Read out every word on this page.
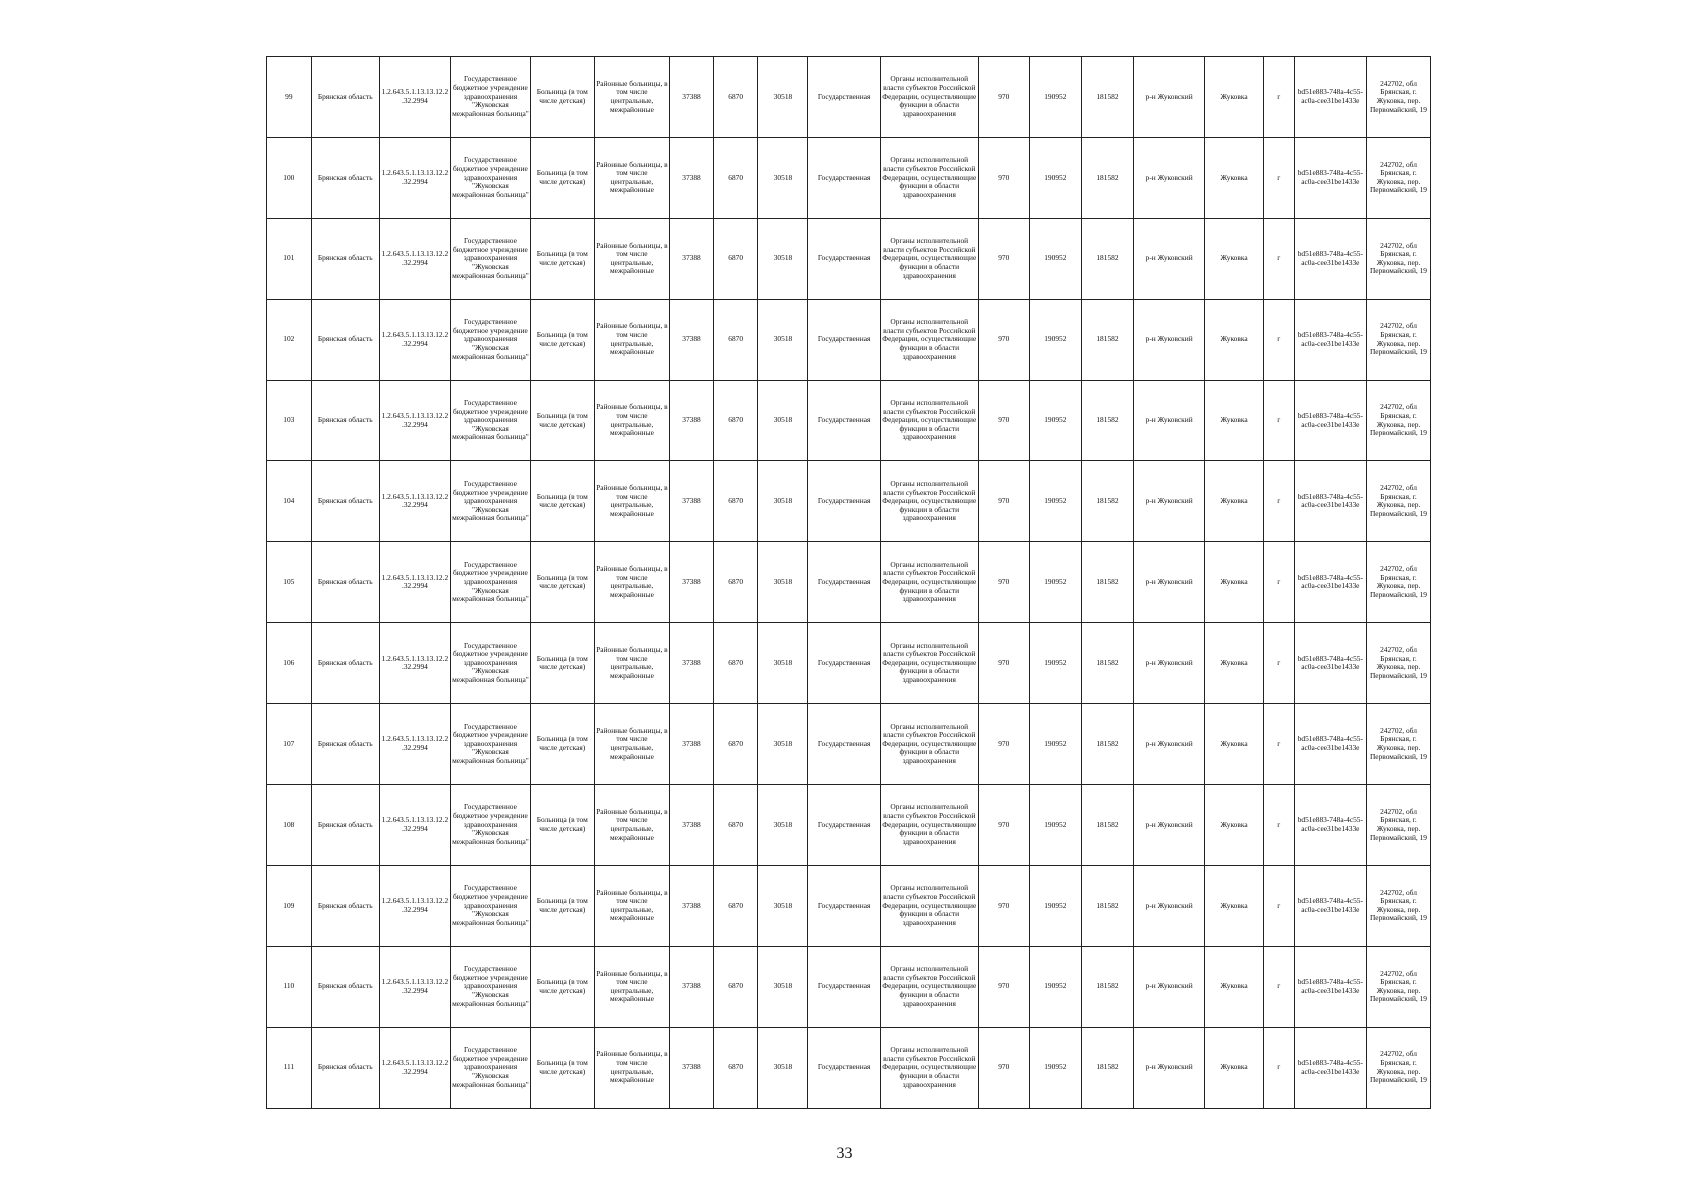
99	Брянская область	1.2.643.5.1.13.13.12.2.32.2994	Государственное бюджетное учреждение здравоохранения "Жуковская межрайонная больница"	Больница (в том числе детская)	Районные больницы, в том числе центральные, межрайонные	37388	6870	30518	Государственная	Органы исполнительной власти субъектов Российской Федерации, осуществляющие функции в области здравоохранения	970	190952	181582	р-н Жуковский	Жуковка	г	bd51e883-748a-4c55-ac0a-cee31be1433e	242702, обл Брянская, г. Жуковка, пер. Первомайский, 19
100	Брянская область	1.2.643.5.1.13.13.12.2.32.2994	Государственное бюджетное учреждение здравоохранения "Жуковская межрайонная больница"	Больница (в том числе детская)	Районные больницы, в том числе центральные, межрайонные	37388	6870	30518	Государственная	Органы исполнительной власти субъектов Российской Федерации, осуществляющие функции в области здравоохранения	970	190952	181582	р-н Жуковский	Жуковка	г	bd51e883-748a-4c55-ac0a-cee31be1433e	242702, обл Брянская, г. Жуковка, пер. Первомайский, 19
101	Брянская область	1.2.643.5.1.13.13.12.2.32.2994	Государственное бюджетное учреждение здравоохранения "Жуковская межрайонная больница"	Больница (в том числе детская)	Районные больницы, в том числе центральные, межрайонные	37388	6870	30518	Государственная	Органы исполнительной власти субъектов Российской Федерации, осуществляющие функции в области здравоохранения	970	190952	181582	р-н Жуковский	Жуковка	г	bd51e883-748a-4c55-ac0a-cee31be1433e	242702, обл Брянская, г. Жуковка, пер. Первомайский, 19
102	Брянская область	1.2.643.5.1.13.13.12.2.32.2994	Государственное бюджетное учреждение здравоохранения "Жуковская межрайонная больница"	Больница (в том числе детская)	Районные больницы, в том числе центральные, межрайонные	37388	6870	30518	Государственная	Органы исполнительной власти субъектов Российской Федерации, осуществляющие функции в области здравоохранения	970	190952	181582	р-н Жуковский	Жуковка	г	bd51e883-748a-4c55-ac0a-cee31be1433e	242702, обл Брянская, г. Жуковка, пер. Первомайский, 19
103	Брянская область	1.2.643.5.1.13.13.12.2.32.2994	Государственное бюджетное учреждение здравоохранения "Жуковская межрайонная больница"	Больница (в том числе детская)	Районные больницы, в том числе центральные, межрайонные	37388	6870	30518	Государственная	Органы исполнительной власти субъектов Российской Федерации, осуществляющие функции в области здравоохранения	970	190952	181582	р-н Жуковский	Жуковка	г	bd51e883-748a-4c55-ac0a-cee31be1433e	242702, обл Брянская, г. Жуковка, пер. Первомайский, 19
104	Брянская область	1.2.643.5.1.13.13.12.2.32.2994	Государственное бюджетное учреждение здравоохранения "Жуковская межрайонная больница"	Больница (в том числе детская)	Районные больницы, в том числе центральные, межрайонные	37388	6870	30518	Государственная	Органы исполнительной власти субъектов Российской Федерации, осуществляющие функции в области здравоохранения	970	190952	181582	р-н Жуковский	Жуковка	г	bd51e883-748a-4c55-ac0a-cee31be1433e	242702, обл Брянская, г. Жуковка, пер. Первомайский, 19
105	Брянская область	1.2.643.5.1.13.13.12.2.32.2994	Государственное бюджетное учреждение здравоохранения "Жуковская межрайонная больница"	Больница (в том числе детская)	Районные больницы, в том числе центральные, межрайонные	37388	6870	30518	Государственная	Органы исполнительной власти субъектов Российской Федерации, осуществляющие функции в области здравоохранения	970	190952	181582	р-н Жуковский	Жуковка	г	bd51e883-748a-4c55-ac0a-cee31be1433e	242702, обл Брянская, г. Жуковка, пер. Первомайский, 19
106	Брянская область	1.2.643.5.1.13.13.12.2.32.2994	Государственное бюджетное учреждение здравоохранения "Жуковская межрайонная больница"	Больница (в том числе детская)	Районные больницы, в том числе центральные, межрайонные	37388	6870	30518	Государственная	Органы исполнительной власти субъектов Российской Федерации, осуществляющие функции в области здравоохранения	970	190952	181582	р-н Жуковский	Жуковка	г	bd51e883-748a-4c55-ac0a-cee31be1433e	242702, обл Брянская, г. Жуковка, пер. Первомайский, 19
107	Брянская область	1.2.643.5.1.13.13.12.2.32.2994	Государственное бюджетное учреждение здравоохранения "Жуковская межрайонная больница"	Больница (в том числе детская)	Районные больницы, в том числе центральные, межрайонные	37388	6870	30518	Государственная	Органы исполнительной власти субъектов Российской Федерации, осуществляющие функции в области здравоохранения	970	190952	181582	р-н Жуковский	Жуковка	г	bd51e883-748a-4c55-ac0a-cee31be1433e	242702, обл Брянская, г. Жуковка, пер. Первомайский, 19
108	Брянская область	1.2.643.5.1.13.13.12.2.32.2994	Государственное бюджетное учреждение здравоохранения "Жуковская межрайонная больница"	Больница (в том числе детская)	Районные больницы, в том числе центральные, межрайонные	37388	6870	30518	Государственная	Органы исполнительной власти субъектов Российской Федерации, осуществляющие функции в области здравоохранения	970	190952	181582	р-н Жуковский	Жуковка	г	bd51e883-748a-4c55-ac0a-cee31be1433e	242702, обл Брянская, г. Жуковка, пер. Первомайский, 19
109	Брянская область	1.2.643.5.1.13.13.12.2.32.2994	Государственное бюджетное учреждение здравоохранения "Жуковская межрайонная больница"	Больница (в том числе детская)	Районные больницы, в том числе центральные, межрайонные	37388	6870	30518	Государственная	Органы исполнительной власти субъектов Российской Федерации, осуществляющие функции в области здравоохранения	970	190952	181582	р-н Жуковский	Жуковка	г	bd51e883-748a-4c55-ac0a-cee31be1433e	242702, обл Брянская, г. Жуковка, пер. Первомайский, 19
110	Брянская область	1.2.643.5.1.13.13.12.2.32.2994	Государственное бюджетное учреждение здравоохранения "Жуковская межрайонная больница"	Больница (в том числе детская)	Районные больницы, в том числе центральные, межрайонные	37388	6870	30518	Государственная	Органы исполнительной власти субъектов Российской Федерации, осуществляющие функции в области здравоохранения	970	190952	181582	р-н Жуковский	Жуковка	г	bd51e883-748a-4c55-ac0a-cee31be1433e	242702, обл Брянская, г. Жуковка, пер. Первомайский, 19
111	Брянская область	1.2.643.5.1.13.13.12.2.32.2994	Государственное бюджетное учреждение здравоохранения "Жуковская межрайонная больница"	Больница (в том числе детская)	Районные больницы, в том числе центральные, межрайонные	37388	6870	30518	Государственная	Органы исполнительной власти субъектов Российской Федерации, осуществляющие функции в области здравоохранения	970	190952	181582	р-н Жуковский	Жуковка	г	bd51e883-748a-4c55-ac0a-cee31be1433e	242702, обл Брянская, г. Жуковка, пер. Первомайский, 19
33
